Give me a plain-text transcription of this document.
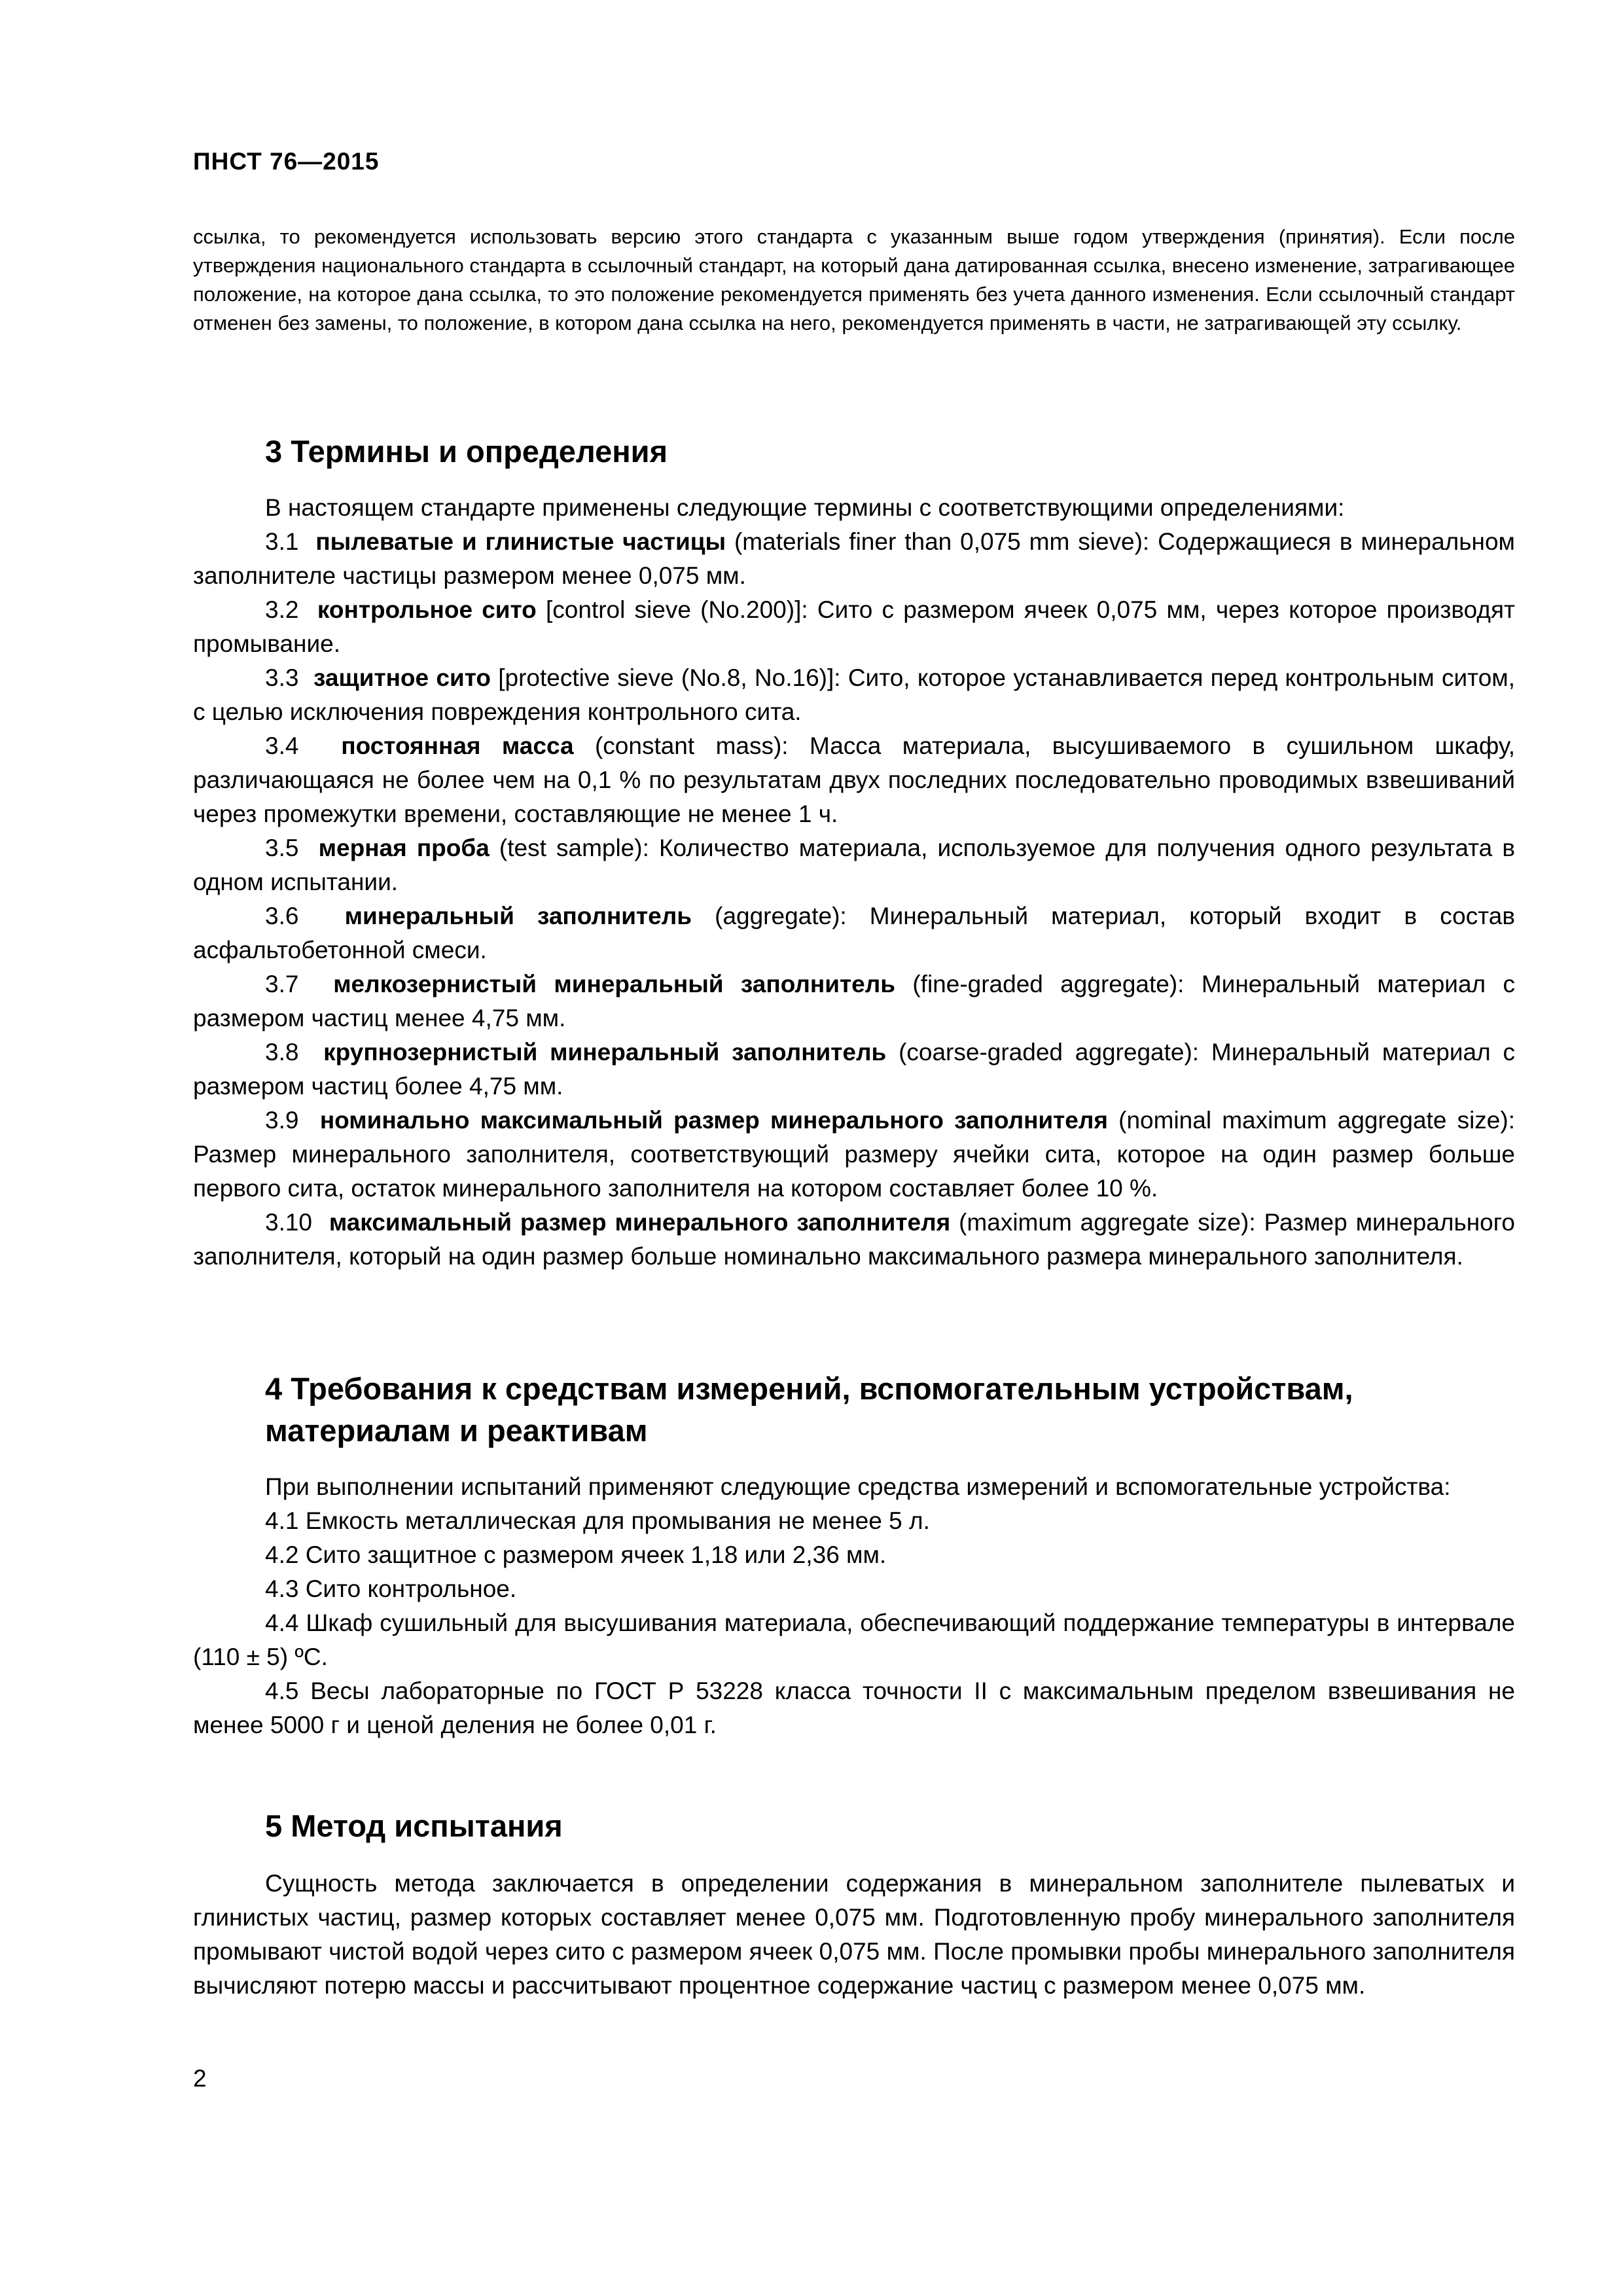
ПНСТ 76—2015

ссылка, то рекомендуется использовать версию этого стандарта с указанным выше годом утверждения (принятия). Если после утверждения национального стандарта в ссылочный стандарт, на который дана датированная ссылка, внесено изменение, затрагивающее положение, на которое дана ссылка, то это положение рекомендуется применять без учета данного изменения. Если ссылочный стандарт отменен без замены, то положение, в котором дана ссылка на него, рекомендуется применять в части, не затрагивающей эту ссылку.

3 Термины и определения

В настоящем стандарте применены следующие термины с соответствующими определениями:

3.1 пылеватые и глинистые частицы (materials finer than 0,075 mm sieve): Содержащиеся в минеральном заполнителе частицы размером менее 0,075 мм.

3.2 контрольное сито [control sieve (No.200)]: Сито с размером ячеек 0,075 мм, через которое производят промывание.

3.3 защитное сито [protective sieve (No.8, No.16)]: Сито, которое устанавливается перед контрольным ситом, с целью исключения повреждения контрольного сита.

3.4 постоянная масса (constant mass): Масса материала, высушиваемого в сушильном шкафу, различающаяся не более чем на 0,1 % по результатам двух последних последовательно проводимых взвешиваний через промежутки времени, составляющие не менее 1 ч.

3.5 мерная проба (test sample): Количество материала, используемое для получения одного результата в одном испытании.

3.6 минеральный заполнитель (aggregate): Минеральный материал, который входит в состав асфальтобетонной смеси.

3.7 мелкозернистый минеральный заполнитель (fine-graded aggregate): Минеральный материал с размером частиц менее 4,75 мм.

3.8 крупнозернистый минеральный заполнитель (coarse-graded aggregate): Минеральный материал с размером частиц более 4,75 мм.

3.9 номинально максимальный размер минерального заполнителя (nominal maximum aggregate size): Размер минерального заполнителя, соответствующий размеру ячейки сита, которое на один размер больше первого сита, остаток минерального заполнителя на котором составляет более 10 %.

3.10 максимальный размер минерального заполнителя (maximum aggregate size): Размер минерального заполнителя, который на один размер больше номинально максимального размера минерального заполнителя.

4 Требования к средствам измерений, вспомогательным устройствам,
материалам и реактивам

При выполнении испытаний применяют следующие средства измерений и вспомогательные устройства:

4.1 Емкость металлическая для промывания не менее 5 л.

4.2 Сито защитное с размером ячеек 1,18 или 2,36 мм.

4.3 Сито контрольное.

4.4 Шкаф сушильный для высушивания материала, обеспечивающий поддержание температуры в интервале (110 ± 5) ºС.

4.5 Весы лабораторные по ГОСТ Р 53228 класса точности II с максимальным пределом взвешивания не менее 5000 г и ценой деления не более 0,01 г.

5 Метод испытания

Сущность метода заключается в определении содержания в минеральном заполнителе пылеватых и глинистых частиц, размер которых составляет менее 0,075 мм. Подготовленную пробу минерального заполнителя промывают чистой водой через сито с размером ячеек 0,075 мм. После промывки пробы минерального заполнителя вычисляют потерю массы и рассчитывают процентное содержание частиц с размером менее 0,075 мм.

2
